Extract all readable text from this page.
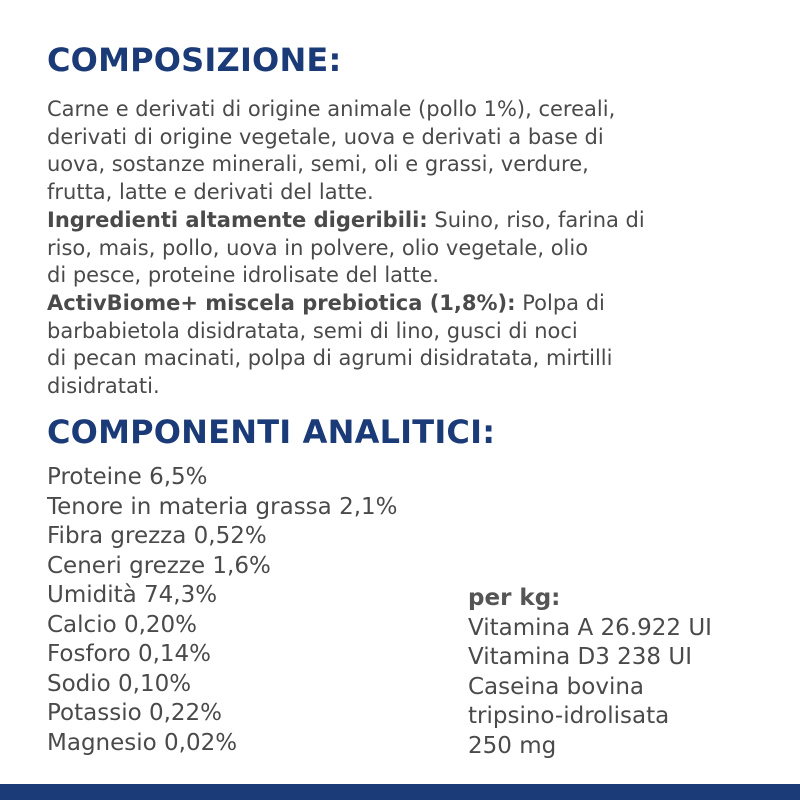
COMPOSIZIONE:

Carne e derivati di origine animale (pollo 1%), cereali,
derivati di origine vegetale, uova e derivati a base di
uova, sostanze minerali, semi, oli e grassi, verdure,
frutta, latte e derivati del latte.

Ingredienti altamente digeribili: Suino, riso, farina di
riso, mais, pollo, uova in polvere, olio vegetale, olio
di pesce, proteine idrolisate del latte.

ActivBiome+ miscela prebiotica (1,8%): Polpa di
barbabietola disidratata, semi di lino, gusci di noci
di pecan macinati, polpa di agrumi disidratata, mirtilli
disidratati.

COMPONENTI ANALITICI:
Proteine 6,5%
Tenore in materia grassa 2,1%
Fibra grezza 0,52%
Ceneri grezze 1,6%
Umidità 74,3%
Calcio 0,20%
Fosforo 0,14%
Sodio 0,10%
Potassio 0,22%
Magnesio 0,02%
per kg:
Vitamina A 26.922 UI
Vitamina D3 238 UI
Caseina bovina
tripsino-idrolisata
250 mg
